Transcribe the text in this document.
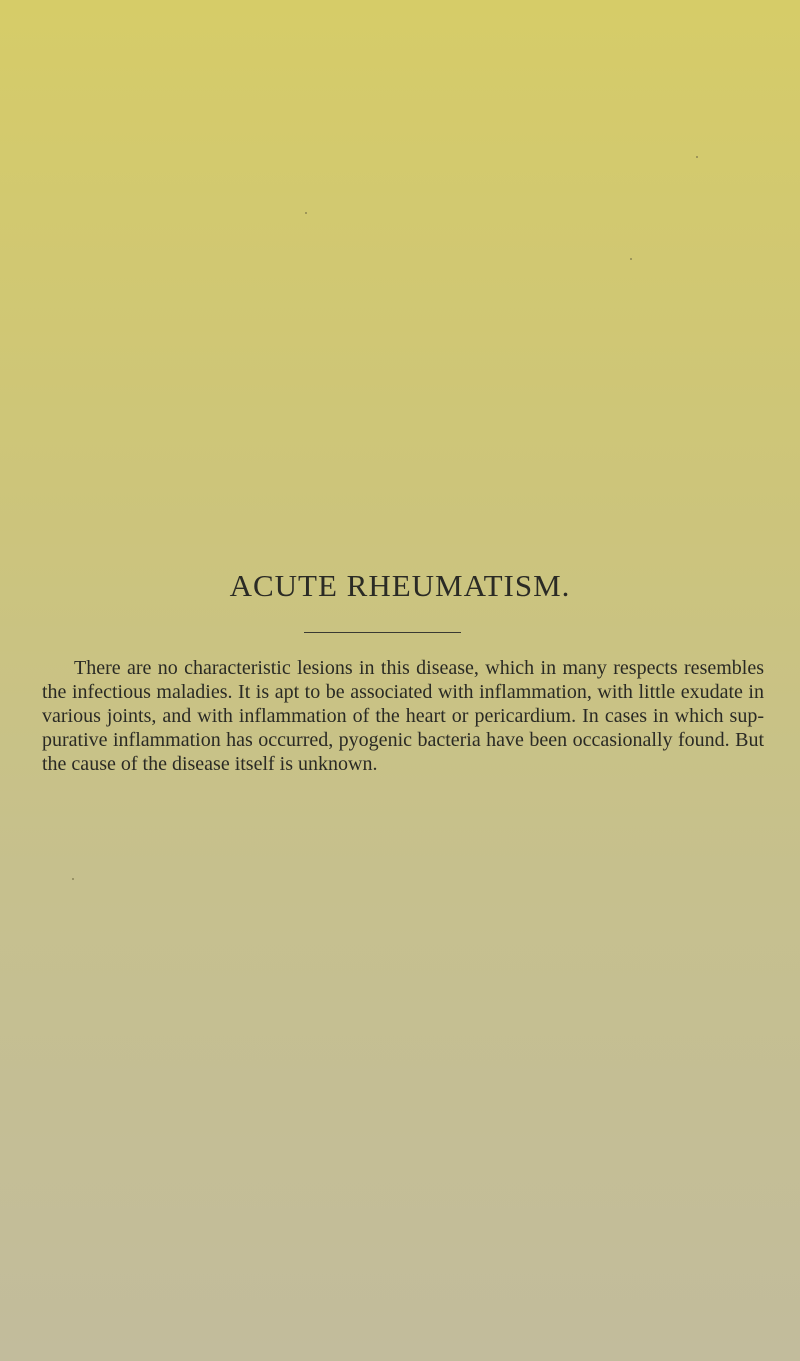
ACUTE RHEUMATISM.

There are no characteristic lesions in this disease, which in many respects resembles the infectious maladies. It is apt to be associated with inflammation, with little exudate in various joints, and with inflammation of the heart or pericardium. In cases in which sup-purative inflammation has occurred, pyogenic bacteria have been occasionally found. But the cause of the disease itself is unknown.
